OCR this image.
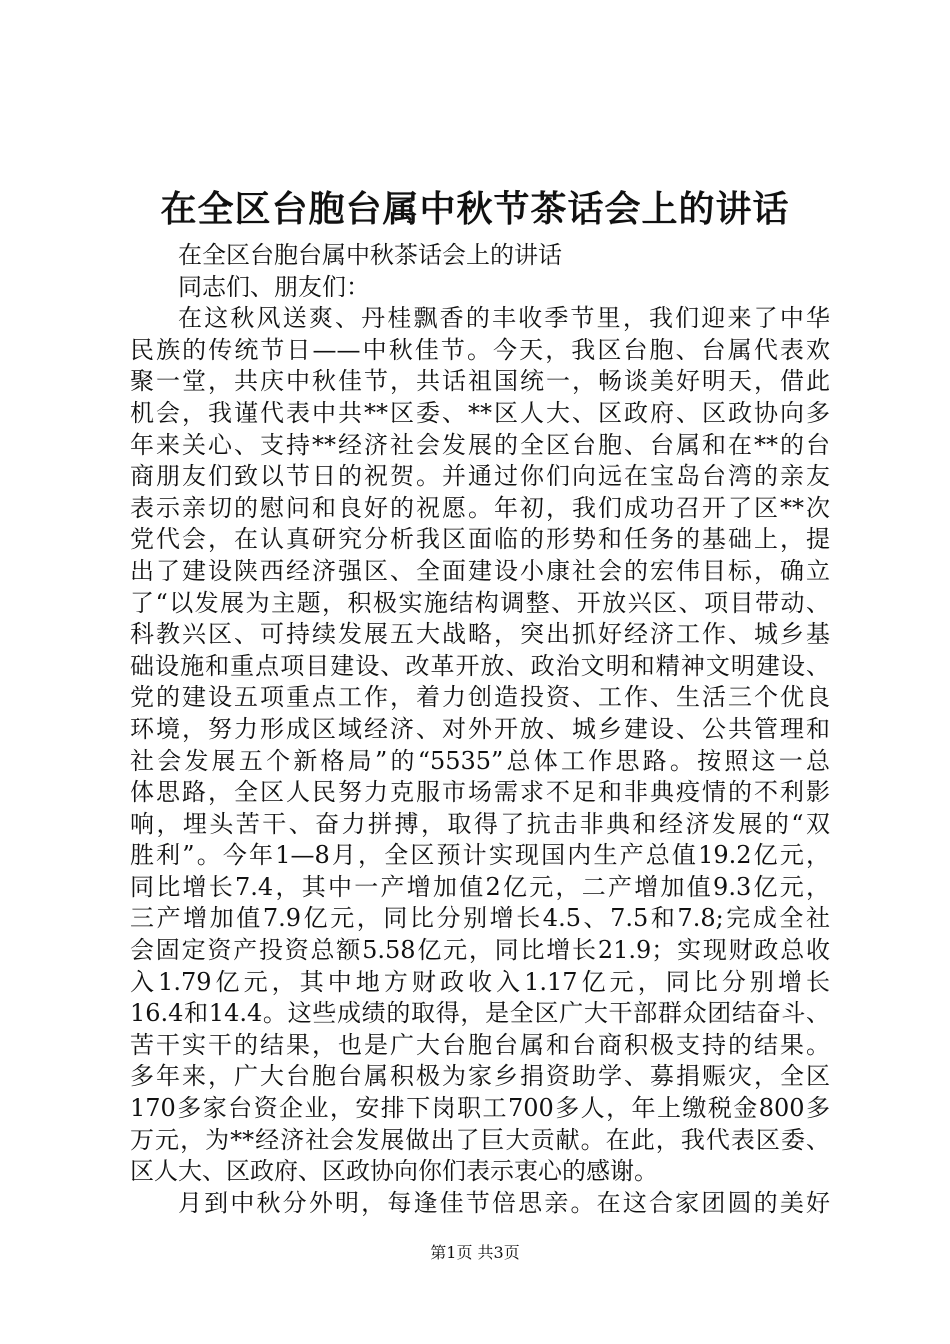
在全区台胞台属中秋节茶话会上的讲话
在全区台胞台属中秋茶话会上的讲话
同志们、朋友们：
在这秋风送爽、丹桂飘香的丰收季节里，我们迎来了中华
民族的传统节日——中秋佳节。今天，我区台胞、台属代表欢
聚一堂，共庆中秋佳节，共话祖国统一，畅谈美好明天，借此
机会，我谨代表中共**区委、**区人大、区政府、区政协向多
年来关心、支持**经济社会发展的全区台胞、台属和在**的台
商朋友们致以节日的祝贺。并通过你们向远在宝岛台湾的亲友
表示亲切的慰问和良好的祝愿。年初，我们成功召开了区**次
党代会，在认真研究分析我区面临的形势和任务的基础上，提
出了建设陕西经济强区、全面建设小康社会的宏伟目标，确立
了“以发展为主题，积极实施结构调整、开放兴区、项目带动、
科教兴区、可持续发展五大战略，突出抓好经济工作、城乡基
础设施和重点项目建设、改革开放、政治文明和精神文明建设、
党的建设五项重点工作，着力创造投资、工作、生活三个优良
环境，努力形成区域经济、对外开放、城乡建设、公共管理和
社会发展五个新格局”的“5535”总体工作思路。按照这一总
体思路，全区人民努力克服市场需求不足和非典疫情的不利影
响，埋头苦干、奋力拼搏，取得了抗击非典和经济发展的“双
胜利”。今年1—8月，全区预计实现国内生产总值19.2亿元，
同比增长7.4，其中一产增加值2亿元，二产增加值9.3亿元，
三产增加值7.9亿元，同比分别增长4.5、7.5和7.8;完成全社
会固定资产投资总额5.58亿元，同比增长21.9；实现财政总收
入1.79亿元，其中地方财政收入1.17亿元，同比分别增长
16.4和14.4。这些成绩的取得，是全区广大干部群众团结奋斗、
苦干实干的结果，也是广大台胞台属和台商积极支持的结果。
多年来，广大台胞台属积极为家乡捐资助学、募捐赈灾，全区
170多家台资企业，安排下岗职工700多人，年上缴税金800多
万元，为**经济社会发展做出了巨大贡献。在此，我代表区委、
区人大、区政府、区政协向你们表示衷心的感谢。
月到中秋分外明，每逢佳节倍思亲。在这合家团圆的美好
第1页 共3页
